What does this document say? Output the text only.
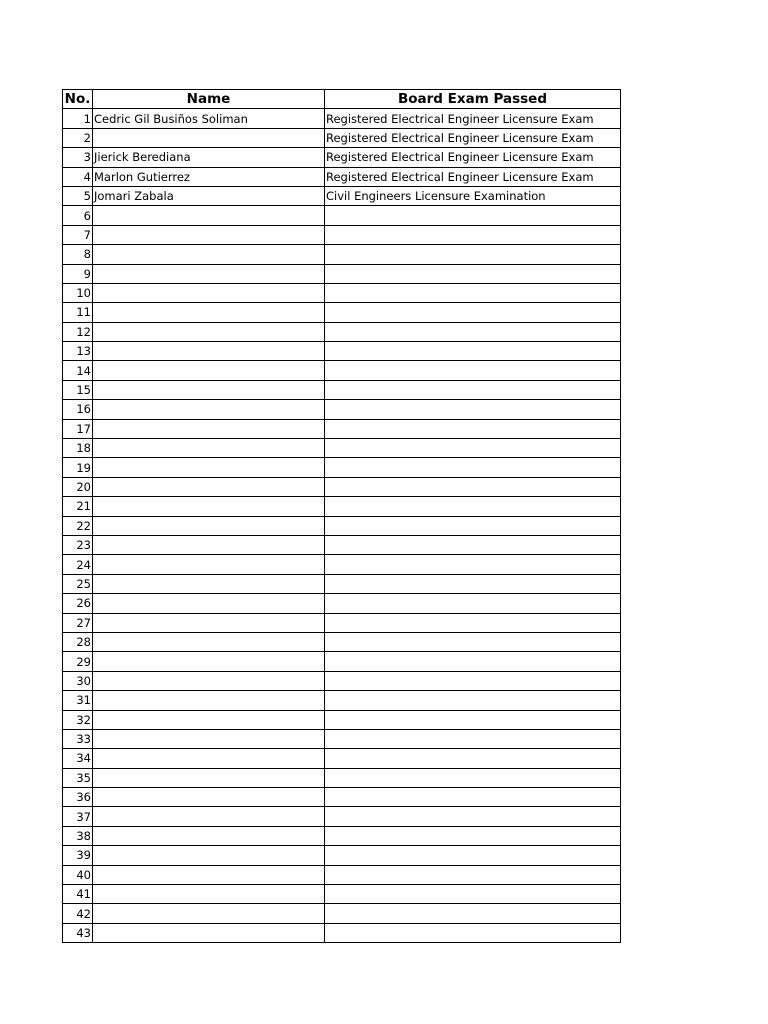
No.	Name	Board Exam Passed
1	Cedric Gil Busiños Soliman	Registered Electrical Engineer Licensure Exam
2		Registered Electrical Engineer Licensure Exam
3	Jierick Berediana	Registered Electrical Engineer Licensure Exam
4	Marlon Gutierrez	Registered Electrical Engineer Licensure Exam
5	Jomari Zabala	Civil Engineers Licensure Examination
6		
7		
8		
9		
10		
11		
12		
13		
14		
15		
16		
17		
18		
19		
20		
21		
22		
23		
24		
25		
26		
27		
28		
29		
30		
31		
32		
33		
34		
35		
36		
37		
38		
39		
40		
41		
42		
43		
